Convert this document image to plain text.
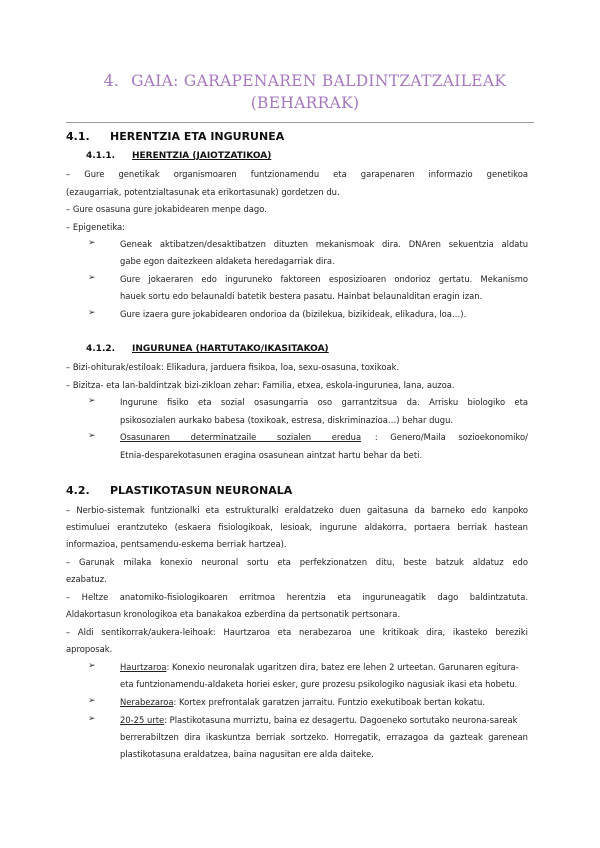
4. GAIA: GARAPENAREN BALDINTZATZAILEAK
(BEHARRAK)
4.1. HERENTZIA ETA INGURUNEA
4.1.1. HERENTZIA (JAIOTZATIKOA)
– Gure genetikak organismoaren funtzionamendu eta garapenaren informazio genetikoa
(ezaugarriak, potentzialtasunak eta erikortasunak) gordetzen du.
– Gure osasuna gure jokabidearen menpe dago.
– Epigenetika:
➢	Geneak aktibatzen/desaktibatzen dituzten mekanismoak dira. DNAren sekuentzia aldatu
gabe egon daitezkeen aldaketa heredagarriak dira.
➢	Gure jokaeraren edo inguruneko faktoreen esposizioaren ondorioz gertatu. Mekanismo
hauek sortu edo belaunaldi batetik bestera pasatu. Hainbat belaunalditan eragin izan.
➢	Gure izaera gure jokabidearen ondorioa da (bizilekua, bizikideak, elikadura, loa…).
4.1.2. INGURUNEA (HARTUTAKO/IKASITAKOA)
– Bizi-ohiturak/estiloak: Elikadura, jarduera fisikoa, loa, sexu-osasuna, toxikoak.
– Bizitza- eta lan-baldintzak bizi-zikloan zehar: Familia, etxea, eskola-ingurunea, lana, auzoa.
➢	Ingurune fisiko eta sozial osasungarria oso garrantzitsua da. Arrisku biologiko eta
psikosozialen aurkako babesa (toxikoak, estresa, diskriminazioa…) behar dugu.
➢	Osasunaren determinatzaile sozialen eredua : Genero/Maila sozioekonomiko/
Etnia-desparekotasunen eragina osasunean aintzat hartu behar da beti.
4.2. PLASTIKOTASUN NEURONALA
– Nerbio-sistemak funtzionalki eta estrukturalki eraldatzeko duen gaitasuna da barneko edo kanpoko
estimuluei erantzuteko (eskaera fisiologikoak, lesioak, ingurune aldakorra, portaera berriak hastean
informazioa, pentsamendu-eskema berriak hartzea).
– Garunak milaka konexio neuronal sortu eta perfekzionatzen ditu, beste batzuk aldatuz edo
ezabatuz.
– Heltze anatomiko-fisiologikoaren erritmoa herentzia eta inguruneagatik dago baldintzatuta.
Aldakortasun kronologikoa eta banakakoa ezberdina da pertsonatik pertsonara.
– Aldi sentikorrak/aukera-leihoak: Haurtzaroa eta nerabezaroa une kritikoak dira, ikasteko bereziki
aproposak.
➢	Haurtzaroa: Konexio neuronalak ugaritzen dira, batez ere lehen 2 urteetan. Garunaren egitura-
eta funtzionamendu-aldaketa horiei esker, gure prozesu psikologiko nagusiak ikasi eta hobetu.
➢	Nerabezaroa: Kortex prefrontalak garatzen jarraitu. Funtzio exekutiboak bertan kokatu.
➢	20-25 urte: Plastikotasuna murriztu, baina ez desagertu. Dagoeneko sortutako neurona-sareak
berrerabiltzen dira ikaskuntza berriak sortzeko. Horregatik, errazagoa da gazteak garenean
plastikotasuna eraldatzea, baina nagusitan ere alda daiteke.
